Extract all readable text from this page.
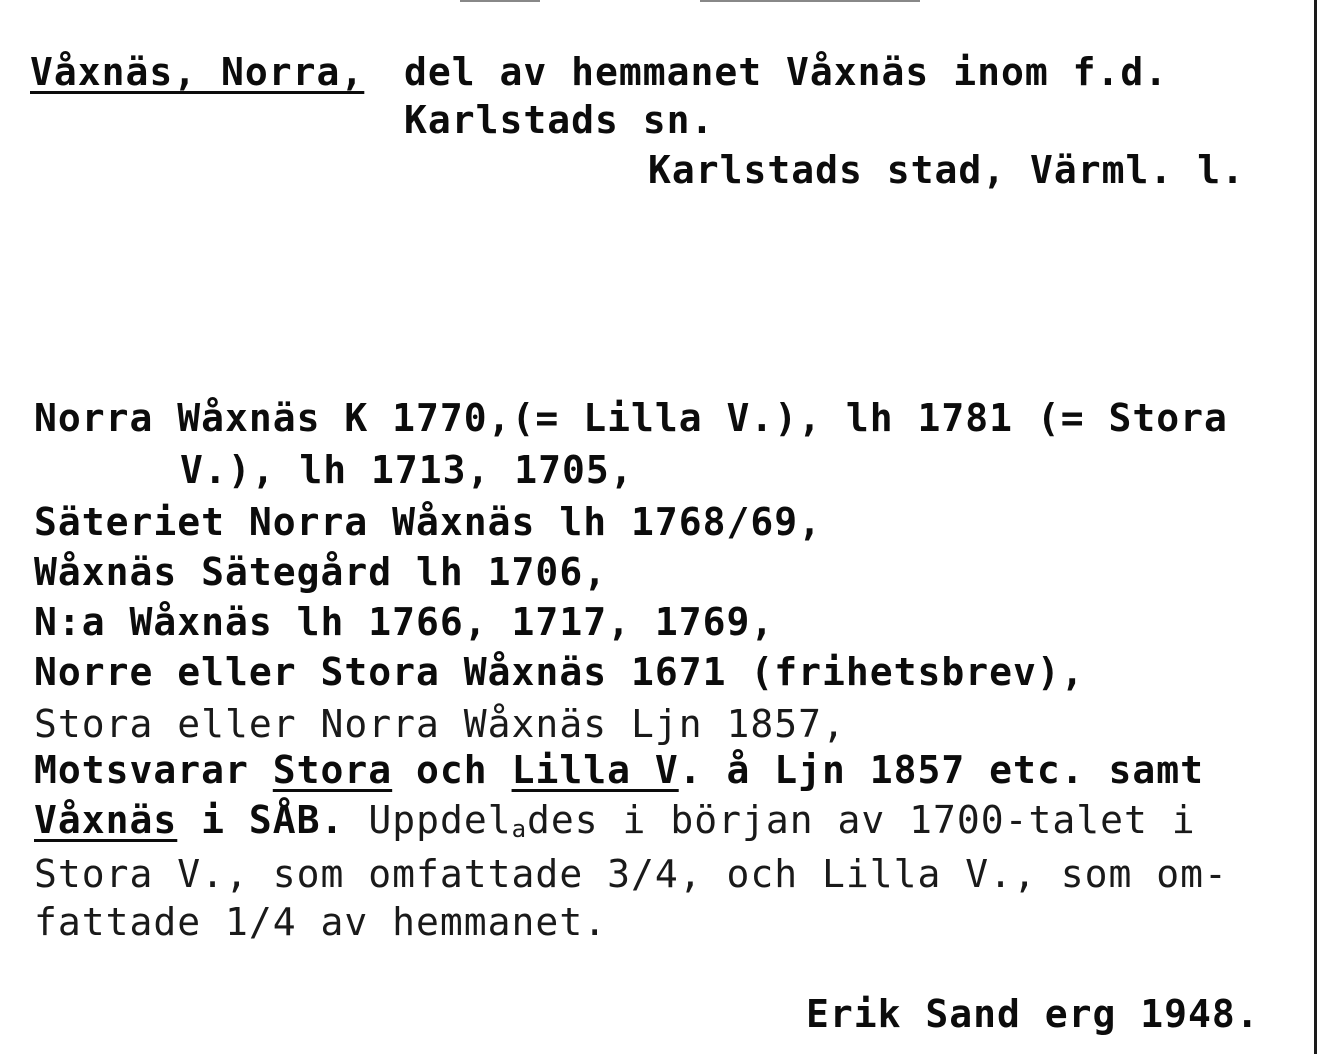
Våxnäs, Norra, del av hemmanet Våxnäs inom f.d.
Karlstads sn.
Karlstads stad, Värml. l.
Norra Wåxnäs K 1770,(= Lilla V.), lh 1781 (= Stora
V.), lh 1713, 1705,
Säteriet Norra Wåxnäs lh 1768/69,
Wåxnäs Sätegård lh 1706,
N:a Wåxnäs lh 1766, 1717, 1769,
Norre eller Stora Wåxnäs 1671 (frihetsbrev),
Stora eller Norra Wåxnäs Ljn 1857,
Motsvarar Stora och Lilla V. å Ljn 1857 etc. samt
Våxnäs i SÅB. Uppdel$_a$des i början av 1700-talet i
Stora V., som omfattade 3/4, och Lilla V., som om-
fattade 1/4 av hemmanet.
Erik Sand erg 1948.
